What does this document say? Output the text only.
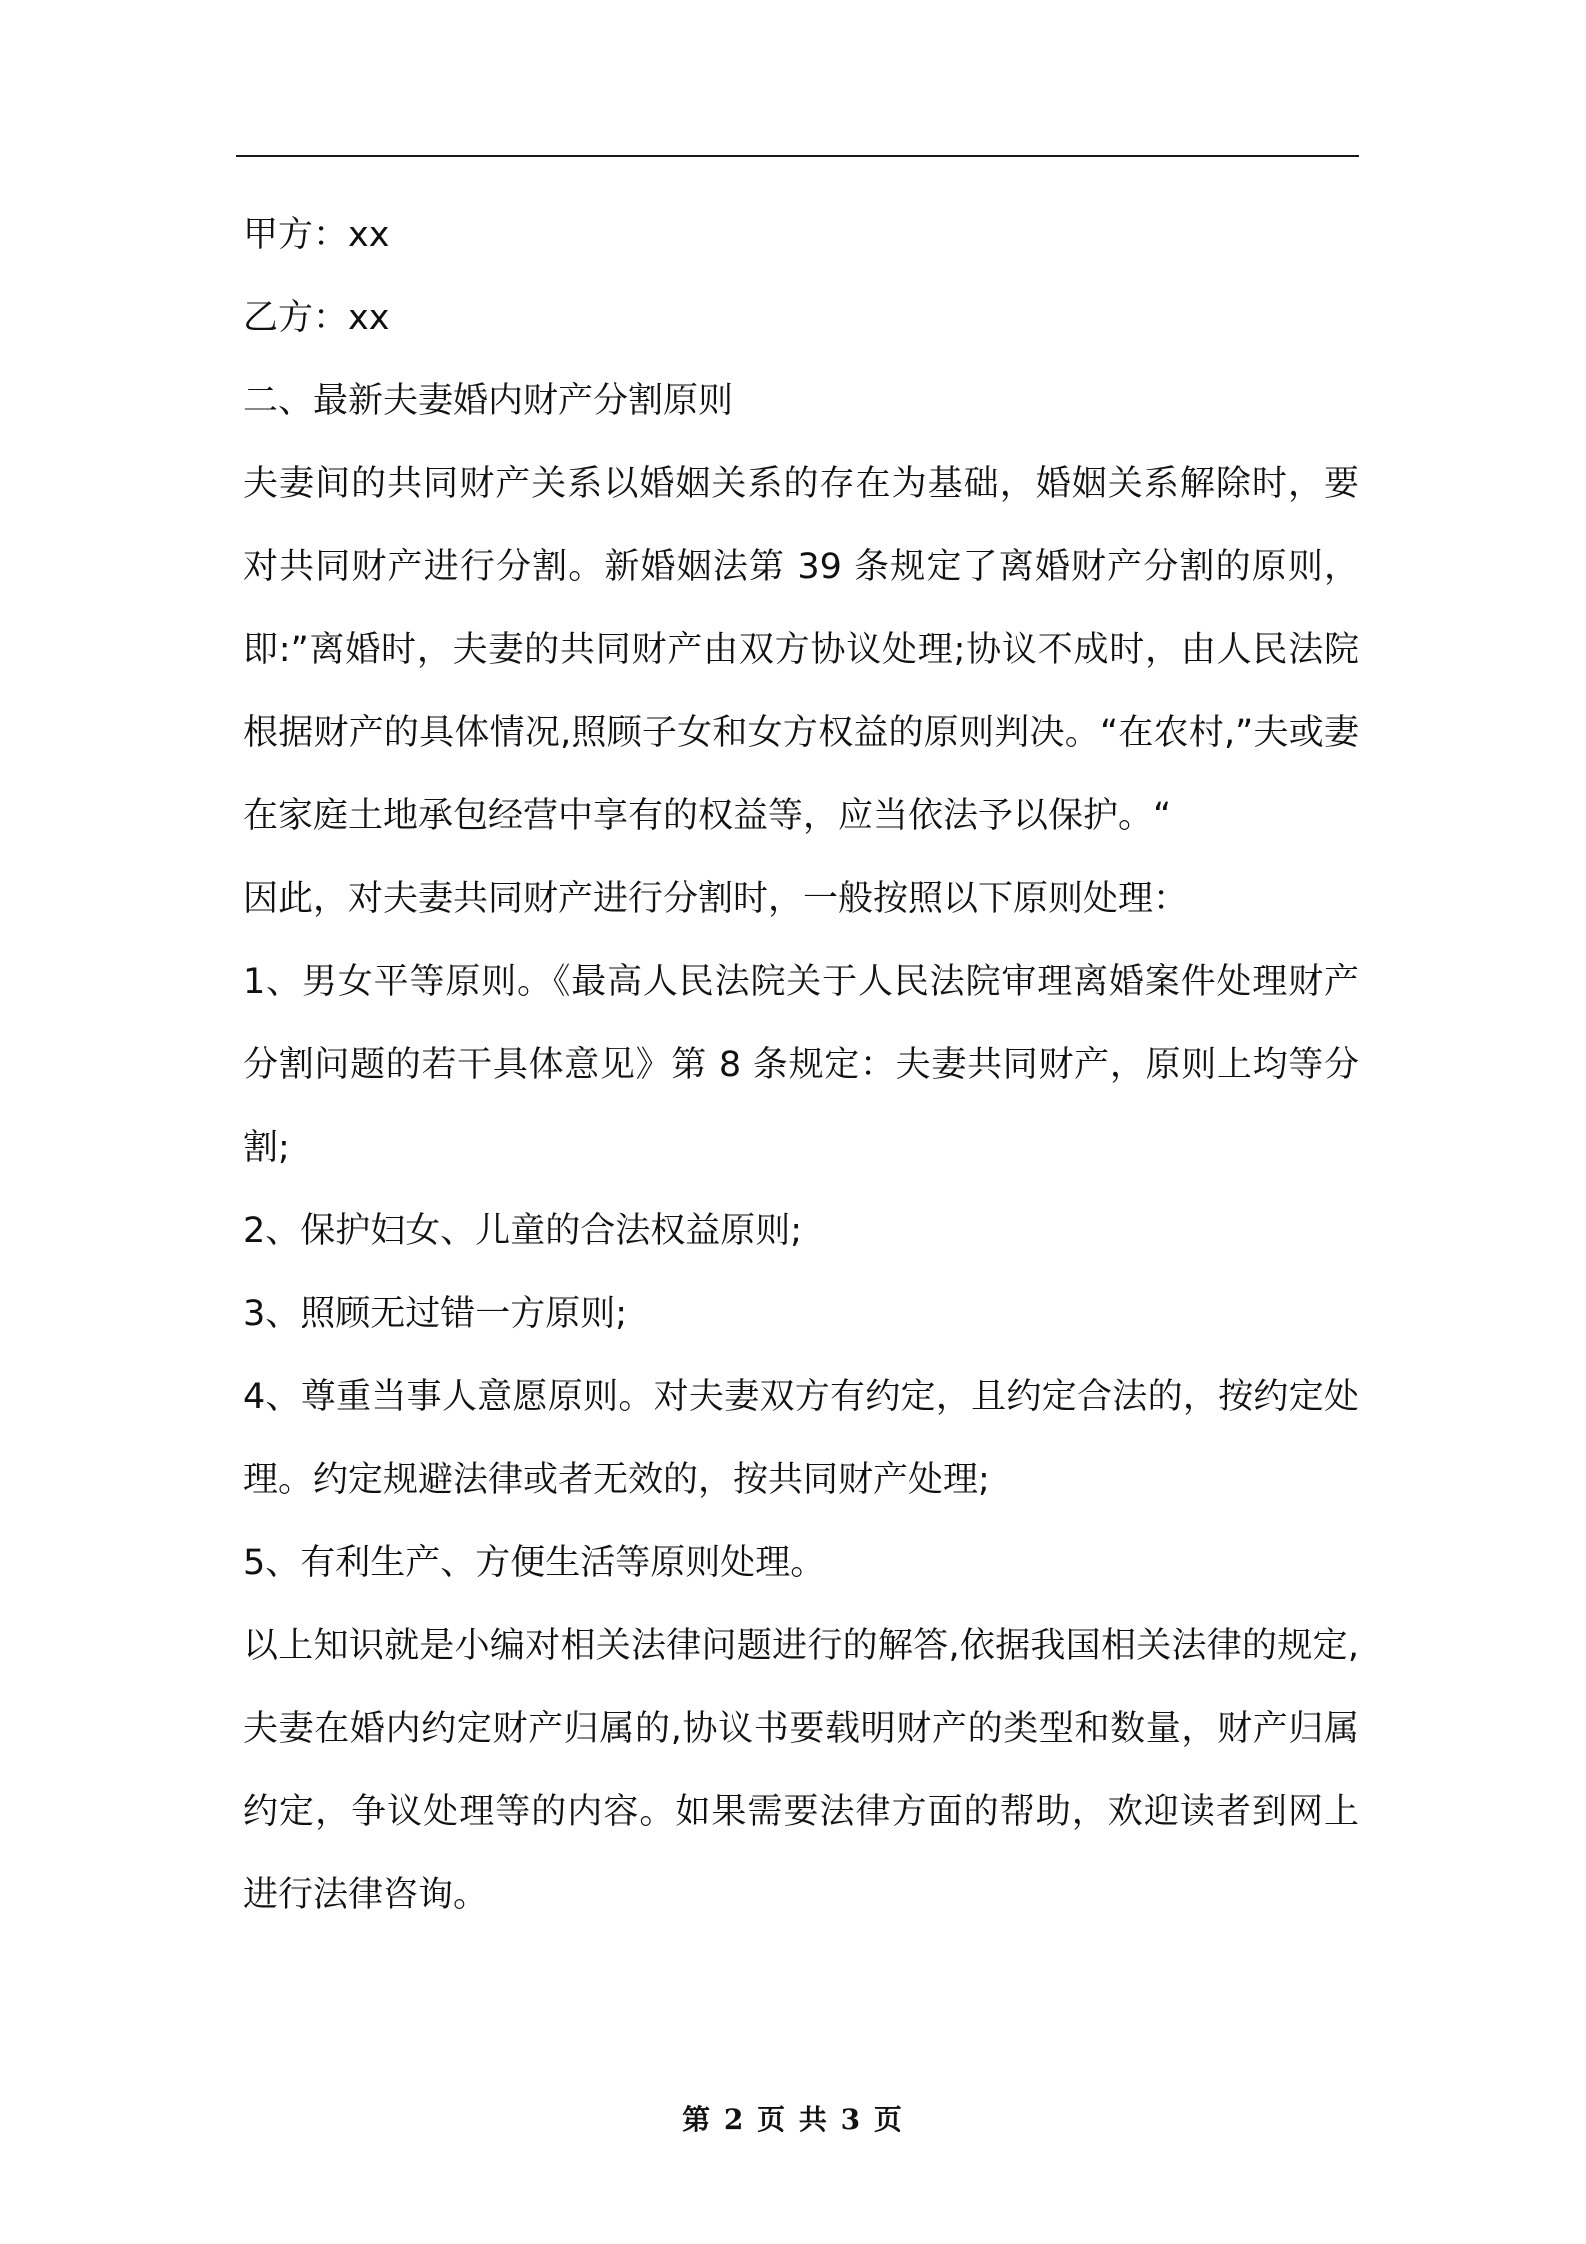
甲方：xx

乙方：xx

二、最新夫妻婚内财产分割原则

夫妻间的共同财产关系以婚姻关系的存在为基础，婚姻关系解除时，要对共同财产进行分割。新婚姻法第 39 条规定了离婚财产分割的原则，即:”离婚时，夫妻的共同财产由双方协议处理;协议不成时，由人民法院根据财产的具体情况,照顾子女和女方权益的原则判决。“在农村,”夫或妻在家庭土地承包经营中享有的权益等，应当依法予以保护。“

因此，对夫妻共同财产进行分割时，一般按照以下原则处理：

1、男女平等原则。《最高人民法院关于人民法院审理离婚案件处理财产分割问题的若干具体意见》第 8 条规定：夫妻共同财产，原则上均等分割;

2、保护妇女、儿童的合法权益原则;

3、照顾无过错一方原则;

4、尊重当事人意愿原则。对夫妻双方有约定，且约定合法的，按约定处理。约定规避法律或者无效的，按共同财产处理;

5、有利生产、方便生活等原则处理。

以上知识就是小编对相关法律问题进行的解答,依据我国相关法律的规定,夫妻在婚内约定财产归属的,协议书要载明财产的类型和数量，财产归属约定，争议处理等的内容。如果需要法律方面的帮助，欢迎读者到网上进行法律咨询。

第 2 页 共 3 页
